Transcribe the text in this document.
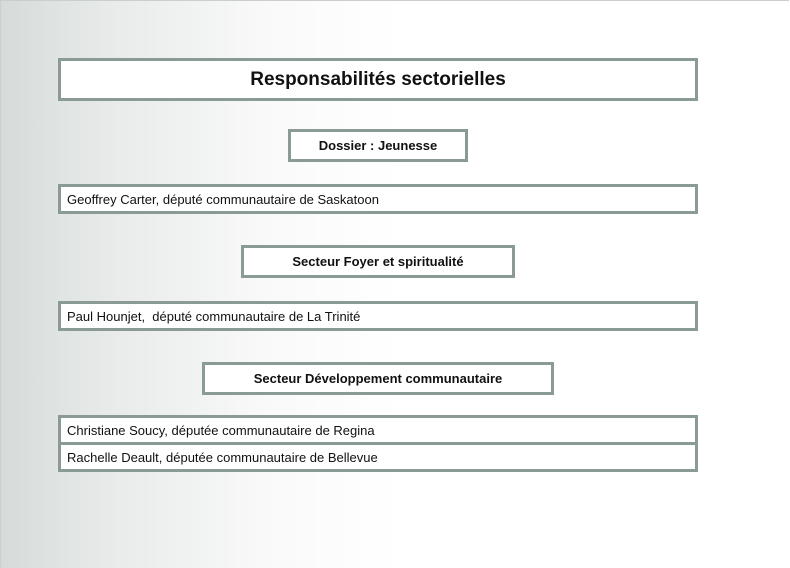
Responsabilités sectorielles
Dossier : Jeunesse
Geoffrey Carter, député communautaire de Saskatoon
Secteur Foyer et spiritualité
Paul Hounjet,  député communautaire de La Trinité
Secteur Développement communautaire
Christiane Soucy, députée communautaire de Regina
Rachelle Deault, députée communautaire de Bellevue
